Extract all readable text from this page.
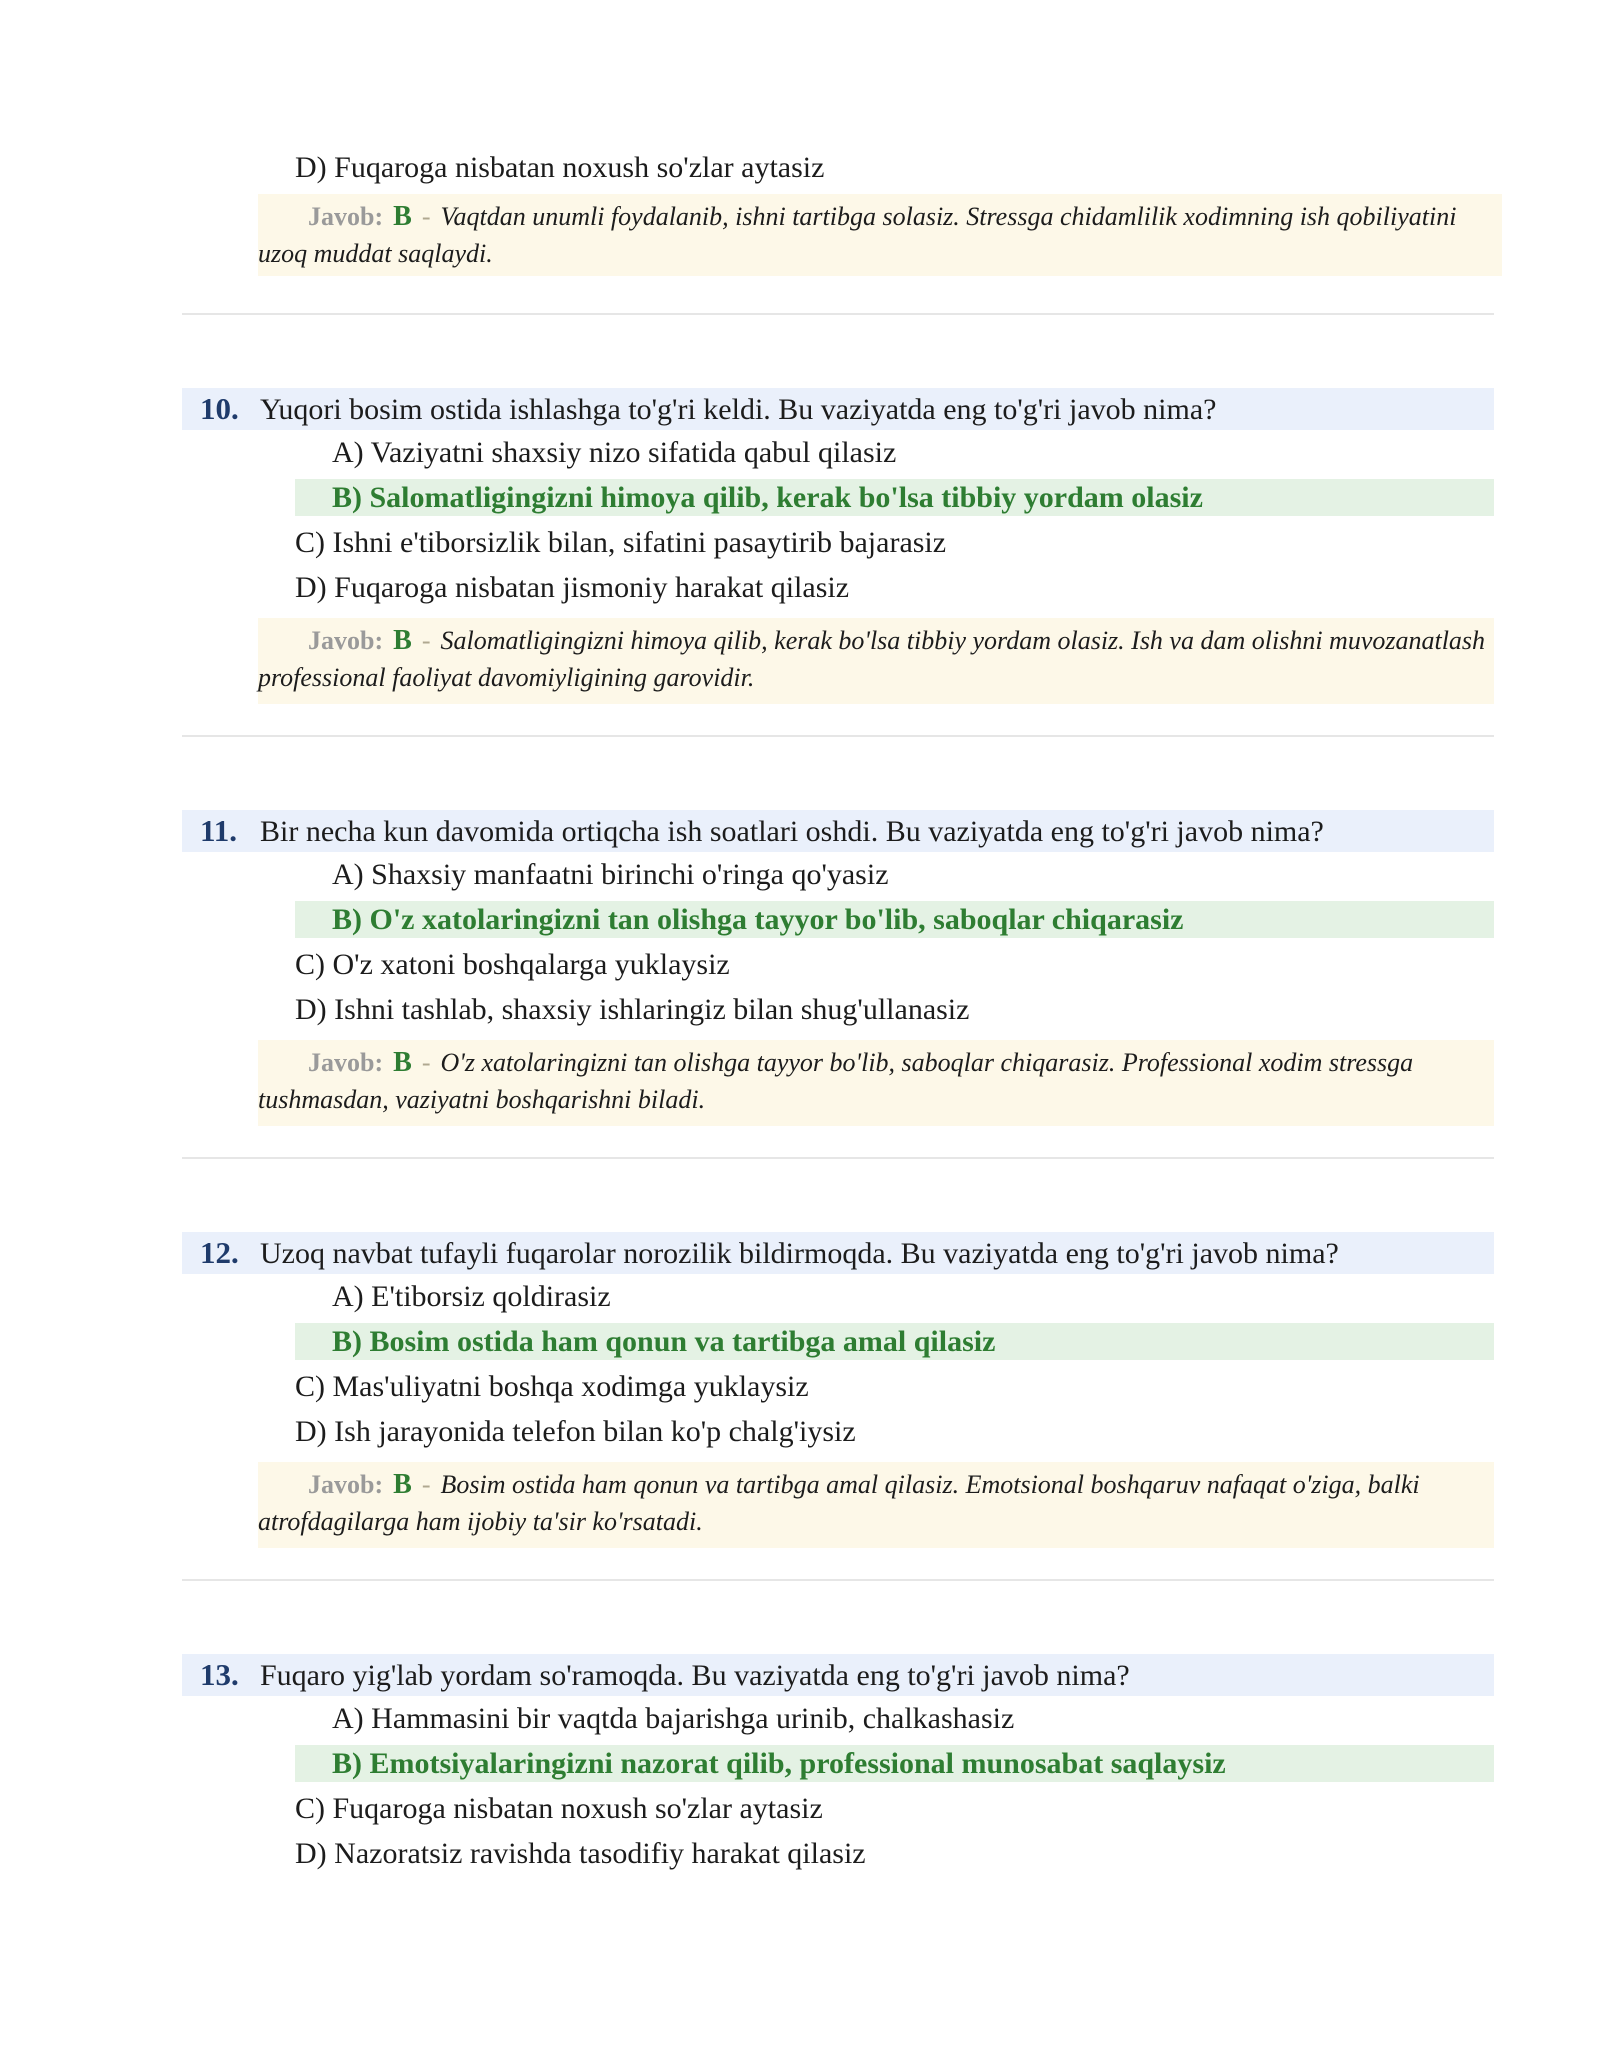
D) Fuqaroga nisbatan noxush so'zlar aytasiz
Javob: B - Vaqtdan unumli foydalanib, ishni tartibga solasiz. Stressga chidamlilik xodimning ish qobiliyatini uzoq muddat saqlaydi.
10. Yuqori bosim ostida ishlashga to'g'ri keldi. Bu vaziyatda eng to'g'ri javob nima?
A) Vaziyatni shaxsiy nizo sifatida qabul qilasiz
B) Salomatligingizni himoya qilib, kerak bo'lsa tibbiy yordam olasiz
C) Ishni e'tiborsizlik bilan, sifatini pasaytirib bajarasiz
D) Fuqaroga nisbatan jismoniy harakat qilasiz
Javob: B - Salomatligingizni himoya qilib, kerak bo'lsa tibbiy yordam olasiz. Ish va dam olishni muvozanatlash professional faoliyat davomiyligining garovidir.
11. Bir necha kun davomida ortiqcha ish soatlari oshdi. Bu vaziyatda eng to'g'ri javob nima?
A) Shaxsiy manfaatni birinchi o'ringa qo'yasiz
B) O'z xatolaringizni tan olishga tayyor bo'lib, saboqlar chiqarasiz
C) O'z xatoni boshqalarga yuklaysiz
D) Ishni tashlab, shaxsiy ishlaringiz bilan shug'ullanasiz
Javob: B - O'z xatolaringizni tan olishga tayyor bo'lib, saboqlar chiqarasiz. Professional xodim stressga tushmasdan, vaziyatni boshqarishni biladi.
12. Uzoq navbat tufayli fuqarolar norozilik bildirmoqda. Bu vaziyatda eng to'g'ri javob nima?
A) E'tiborsiz qoldirasiz
B) Bosim ostida ham qonun va tartibga amal qilasiz
C) Mas'uliyatni boshqa xodimga yuklaysiz
D) Ish jarayonida telefon bilan ko'p chalg'iysiz
Javob: B - Bosim ostida ham qonun va tartibga amal qilasiz. Emotsional boshqaruv nafaqat o'ziga, balki atrofdagilarga ham ijobiy ta'sir ko'rsatadi.
13. Fuqaro yig'lab yordam so'ramoqda. Bu vaziyatda eng to'g'ri javob nima?
A) Hammasini bir vaqtda bajarishga urinib, chalkashasiz
B) Emotsiyalaringizni nazorat qilib, professional munosabat saqlaysiz
C) Fuqaroga nisbatan noxush so'zlar aytasiz
D) Nazoratsiz ravishda tasodifiy harakat qilasiz
